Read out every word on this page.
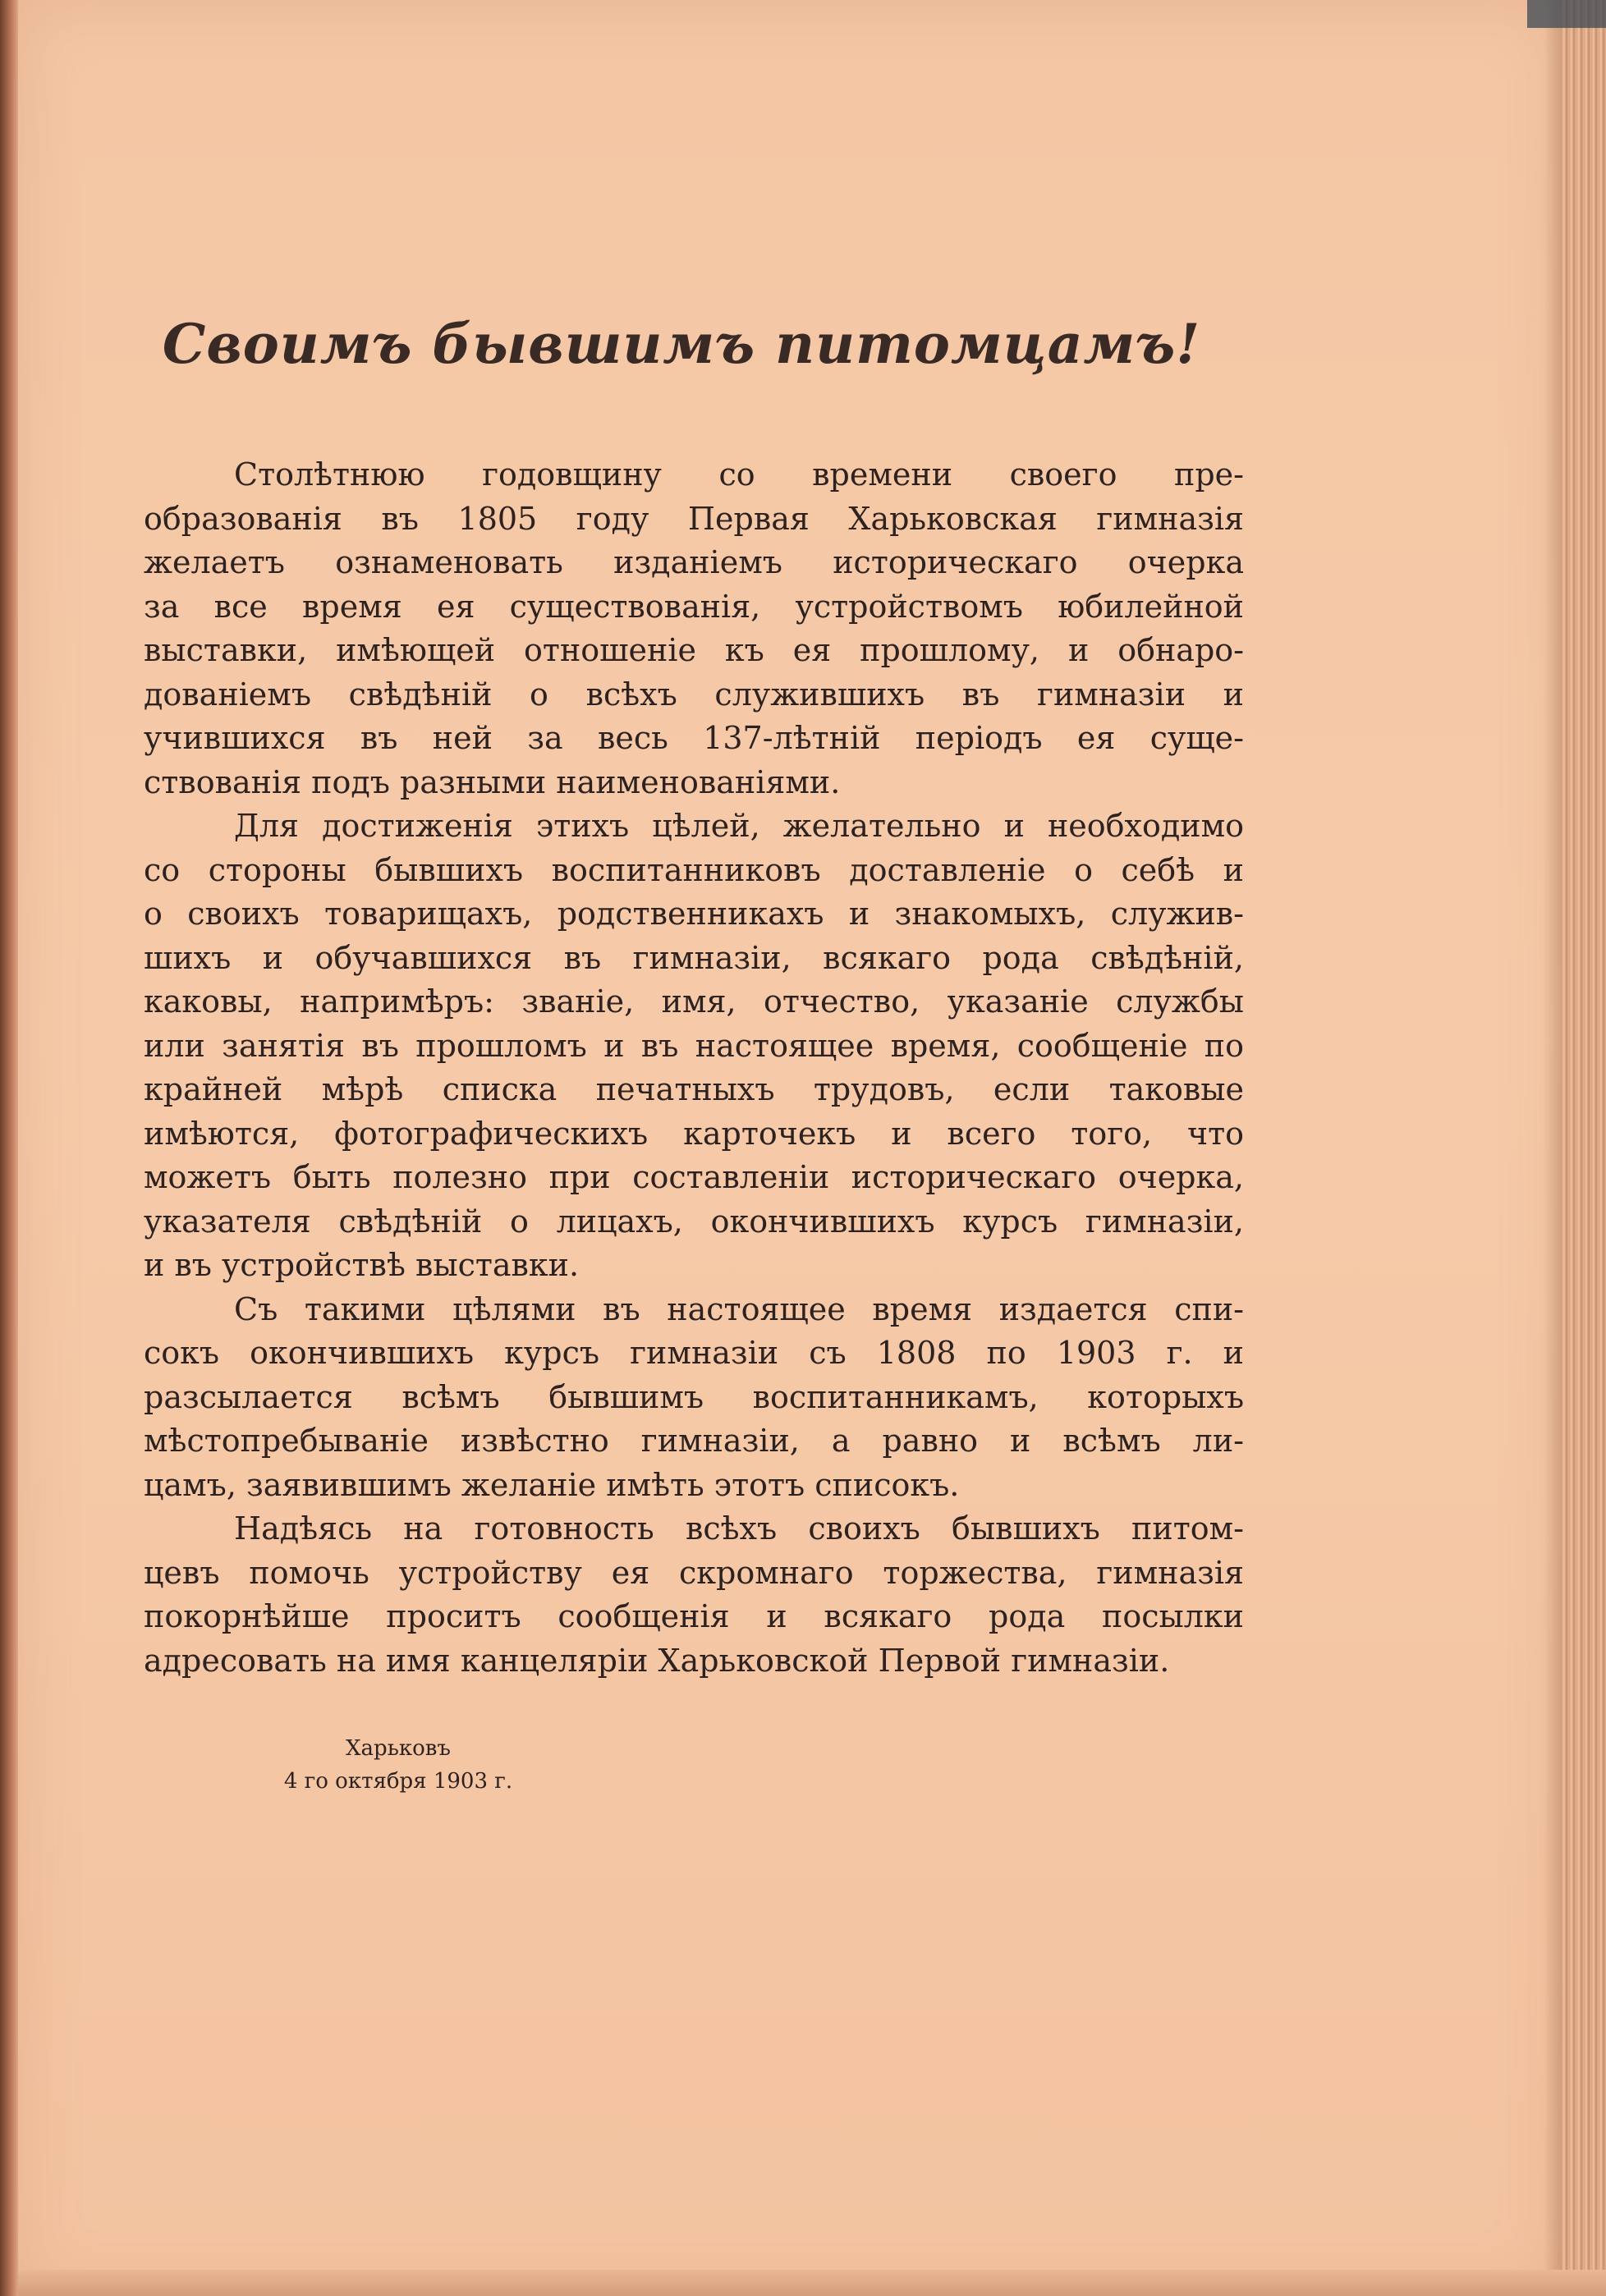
Своимъ бывшимъ питомцамъ!
Столѣтнюю годовщину со времени своего пре-
образованія въ 1805 году Первая Харьковская гимназія
желаетъ ознаменовать изданіемъ историческаго очерка
за все время ея существованія, устройствомъ юбилейной
выставки, имѣющей отношеніе къ ея прошлому, и обнаро-
дованіемъ свѣдѣній о всѣхъ служившихъ въ гимназіи и
учившихся въ ней за весь 137-лѣтній періодъ ея суще-
ствованія подъ разными наименованіями.
Для достиженія этихъ цѣлей, желательно и необходимо
со стороны бывшихъ воспитанниковъ доставленіе о себѣ и
о своихъ товарищахъ, родственникахъ и знакомыхъ, служив-
шихъ и обучавшихся въ гимназіи, всякаго рода свѣдѣній,
каковы, напримѣръ: званіе, имя, отчество, указаніе службы
или занятія въ прошломъ и въ настоящее время, сообщеніе по
крайней мѣрѣ списка печатныхъ трудовъ, если таковые
имѣются, фотографическихъ карточекъ и всего того, что
можетъ быть полезно при составленіи историческаго очерка,
указателя свѣдѣній о лицахъ, окончившихъ курсъ гимназіи,
и въ устройствѣ выставки.
Съ такими цѣлями въ настоящее время издается спи-
сокъ окончившихъ курсъ гимназіи съ 1808 по 1903 г. и
разсылается всѣмъ бывшимъ воспитанникамъ, которыхъ
мѣстопребываніе извѣстно гимназіи, а равно и всѣмъ ли-
цамъ, заявившимъ желаніе имѣть этотъ списокъ.
Надѣясь на готовность всѣхъ своихъ бывшихъ питом-
цевъ помочь устройству ея скромнаго торжества, гимназія
покорнѣйше проситъ сообщенія и всякаго рода посылки
адресовать на имя канцеляріи Харьковской Первой гимназіи.
Харьковъ
4 го октября 1903 г.
